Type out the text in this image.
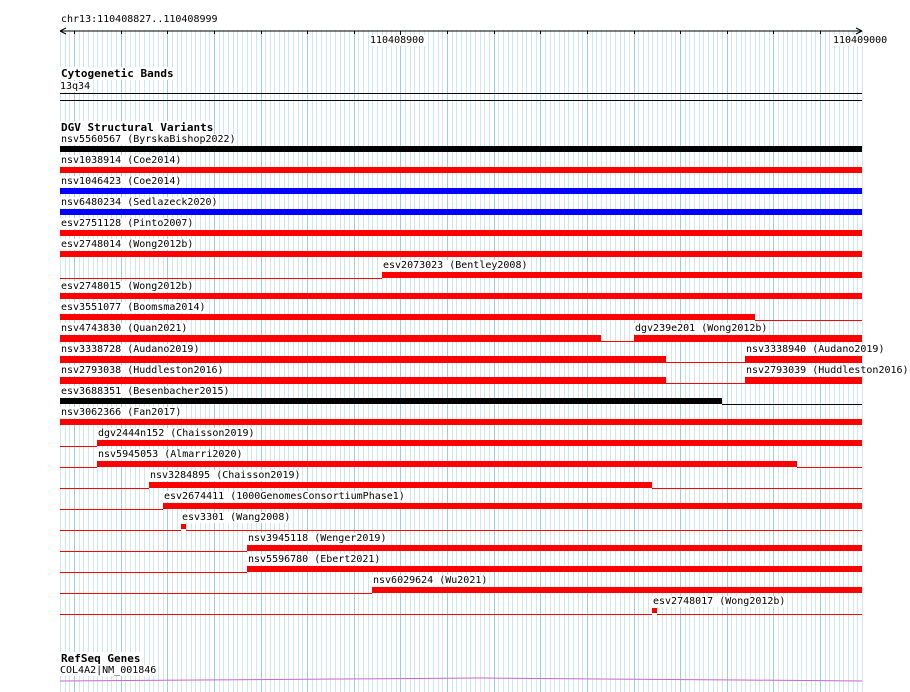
chr13:110408827..110408999
110408900	110409000
Cytogenetic Bands
13q34
DGV Structural Variants
nsv5560567 (ByrskaBishop2022)
nsv1038914 (Coe2014)
nsv1046423 (Coe2014)
nsv6480234 (Sedlazeck2020)
esv2751128 (Pinto2007)
esv2748014 (Wong2012b)
esv2073023 (Bentley2008)
esv2748015 (Wong2012b)
esv3551077 (Boomsma2014)
nsv4743830 (Quan2021)	dgv239e201 (Wong2012b)
nsv3338728 (Audano2019)	nsv3338940 (Audano2019)
nsv2793038 (Huddleston2016)	nsv2793039 (Huddleston2016)
esv3688351 (Besenbacher2015)
nsv3062366 (Fan2017)
dgv2444n152 (Chaisson2019)
nsv5945053 (Almarri2020)
nsv3284895 (Chaisson2019)
esv2674411 (1000GenomesConsortiumPhase1)
esv3301 (Wang2008)
nsv3945118 (Wenger2019)
nsv5596780 (Ebert2021)
nsv6029624 (Wu2021)
esv2748017 (Wong2012b)
RefSeq Genes
COL4A2|NM_001846
